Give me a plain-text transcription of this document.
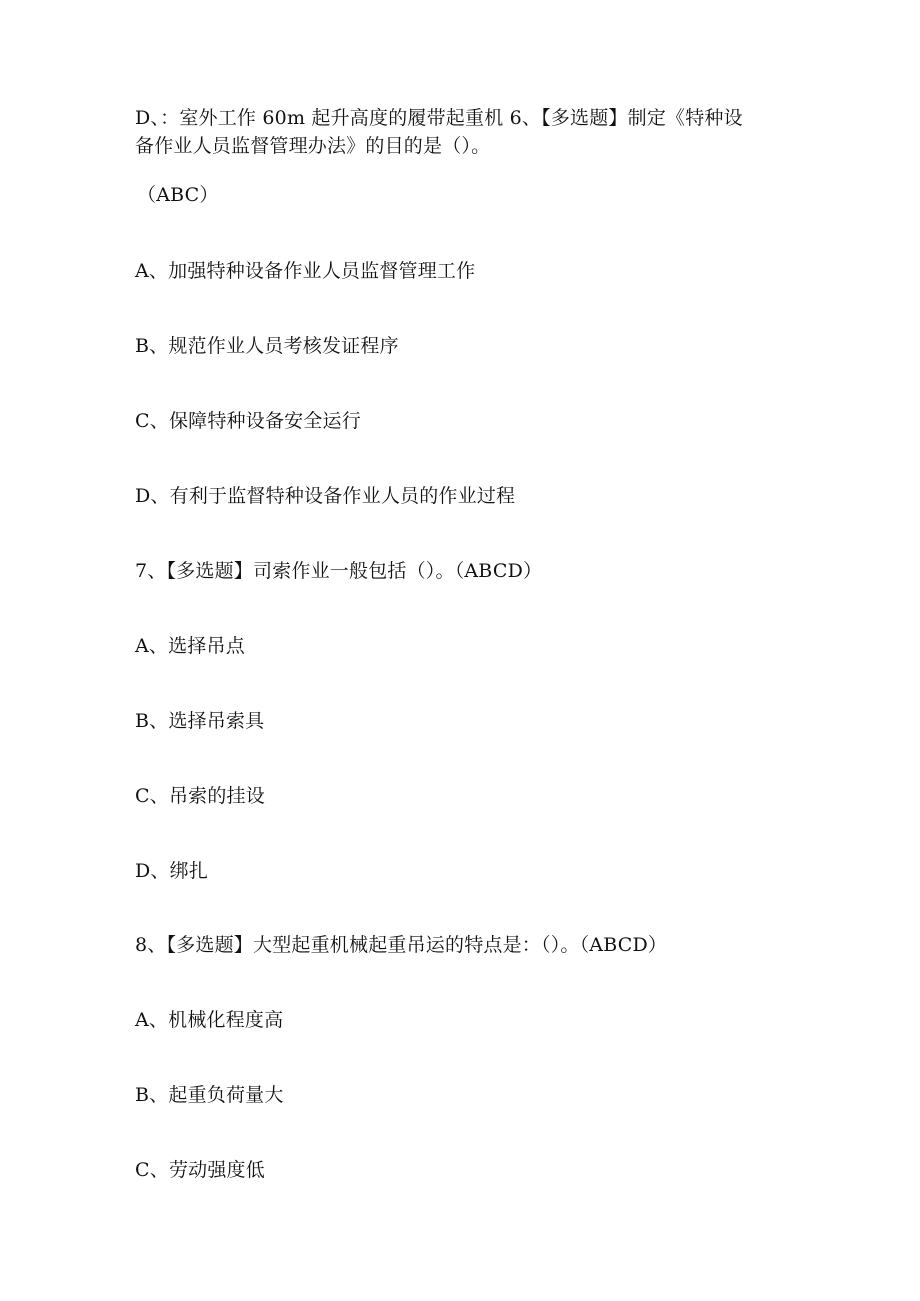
D、：室外工作 60m 起升高度的履带起重机 6、【多选题】制定《特种设
备作业人员监督管理办法》的目的是（）。
（ABC）
A、加强特种设备作业人员监督管理工作
B、规范作业人员考核发证程序
C、保障特种设备安全运行
D、有利于监督特种设备作业人员的作业过程
7、【多选题】司索作业一般包括（）。（ABCD）
A、选择吊点
B、选择吊索具
C、吊索的挂设
D、绑扎
8、【多选题】大型起重机械起重吊运的特点是：（）。（ABCD）
A、机械化程度高
B、起重负荷量大
C、劳动强度低
